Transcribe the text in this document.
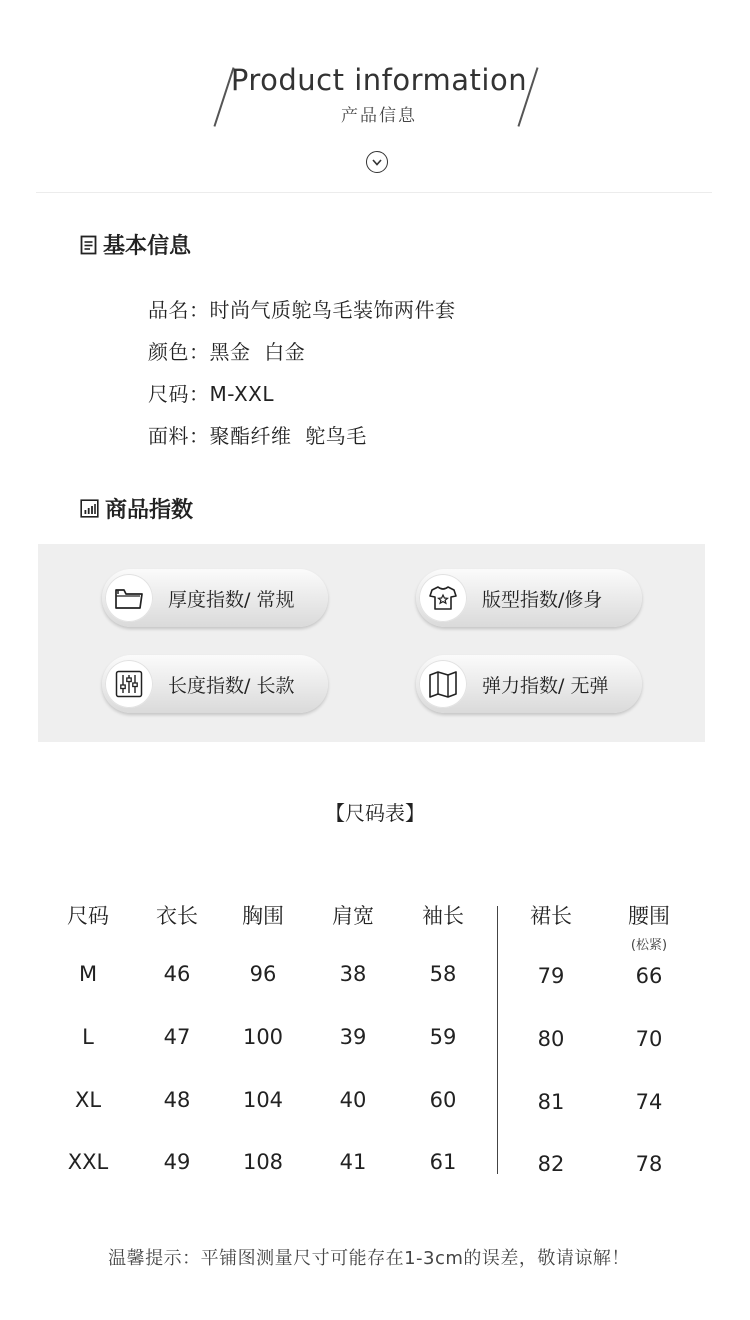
Product information
产品信息
基本信息
品名：时尚气质鸵鸟毛装饰两件套
颜色：黑金  白金
尺码：M-XXL
面料：聚酯纤维  鸵鸟毛
商品指数
厚度指数/ 常规	版型指数/修身
长度指数/ 长款	弹力指数/ 无弹
【尺码表】
尺码	衣长	胸围	肩宽	袖长	裙长	腰围
(松紧)
M	46	96	38	58	79	66
L	47	100	39	59	80	70
XL	48	104	40	60	81	74
XXL	49	108	41	61	82	78
温馨提示：平铺图测量尺寸可能存在1-3cm的误差，敬请谅解！
